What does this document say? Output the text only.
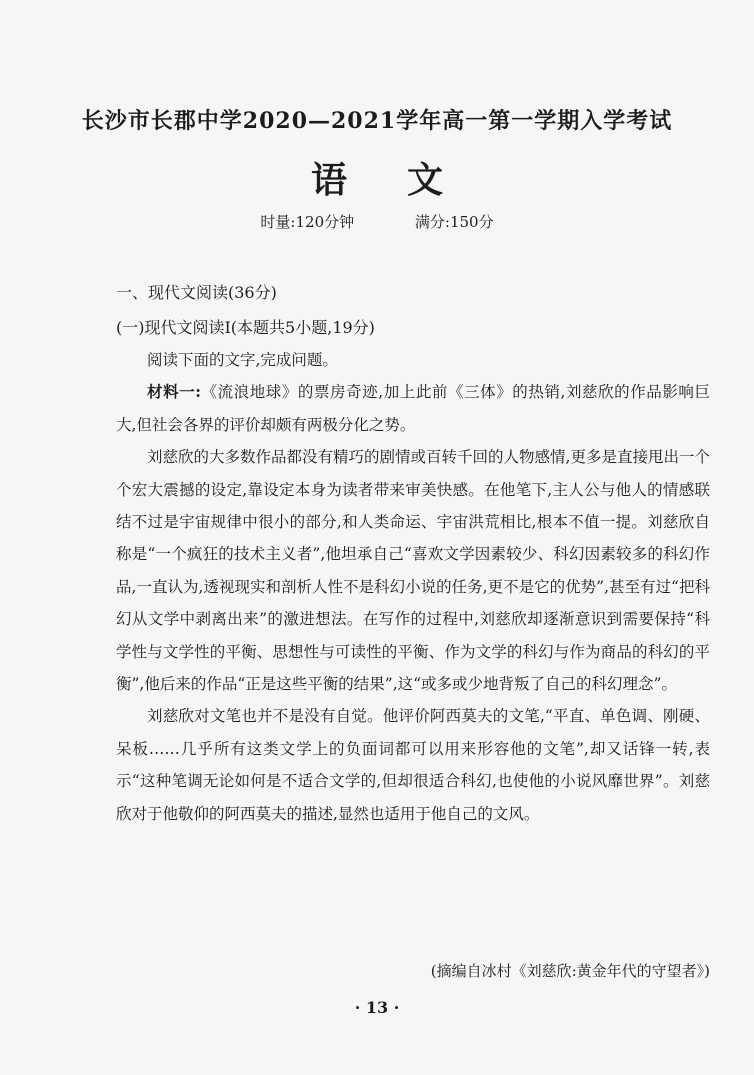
长沙市长郡中学2020—2021学年高一第一学期入学考试
语文
时量:120分钟	满分:150分
一、现代文阅读(36分)
(一)现代文阅读Ⅰ(本题共5小题,19分)

阅读下面的文字,完成问题。

材料一:《流浪地球》的票房奇迹,加上此前《三体》的热销,刘慈欣的作品影响巨大,但社会各界的评价却颇有两极分化之势。

刘慈欣的大多数作品都没有精巧的剧情或百转千回的人物感情,更多是直接甩出一个个宏大震撼的设定,靠设定本身为读者带来审美快感。在他笔下,主人公与他人的情感联结不过是宇宙规律中很小的部分,和人类命运、宇宙洪荒相比,根本不值一提。刘慈欣自称是“一个疯狂的技术主义者”,他坦承自己“喜欢文学因素较少、科幻因素较多的科幻作品,一直认为,透视现实和剖析人性不是科幻小说的任务,更不是它的优势”,甚至有过“把科幻从文学中剥离出来”的激进想法。在写作的过程中,刘慈欣却逐渐意识到需要保持“科学性与文学性的平衡、思想性与可读性的平衡、作为文学的科幻与作为商品的科幻的平衡”,他后来的作品“正是这些平衡的结果”,这“或多或少地背叛了自己的科幻理念”。

刘慈欣对文笔也并不是没有自觉。他评价阿西莫夫的文笔,“平直、单色调、刚硬、呆板……几乎所有这类文学上的负面词都可以用来形容他的文笔”,却又话锋一转,表示“这种笔调无论如何是不适合文学的,但却很适合科幻,也使他的小说风靡世界”。刘慈欣对于他敬仰的阿西莫夫的描述,显然也适用于他自己的文风。

(摘编自冰村《刘慈欣:黄金年代的守望者》)
· 13 ·
